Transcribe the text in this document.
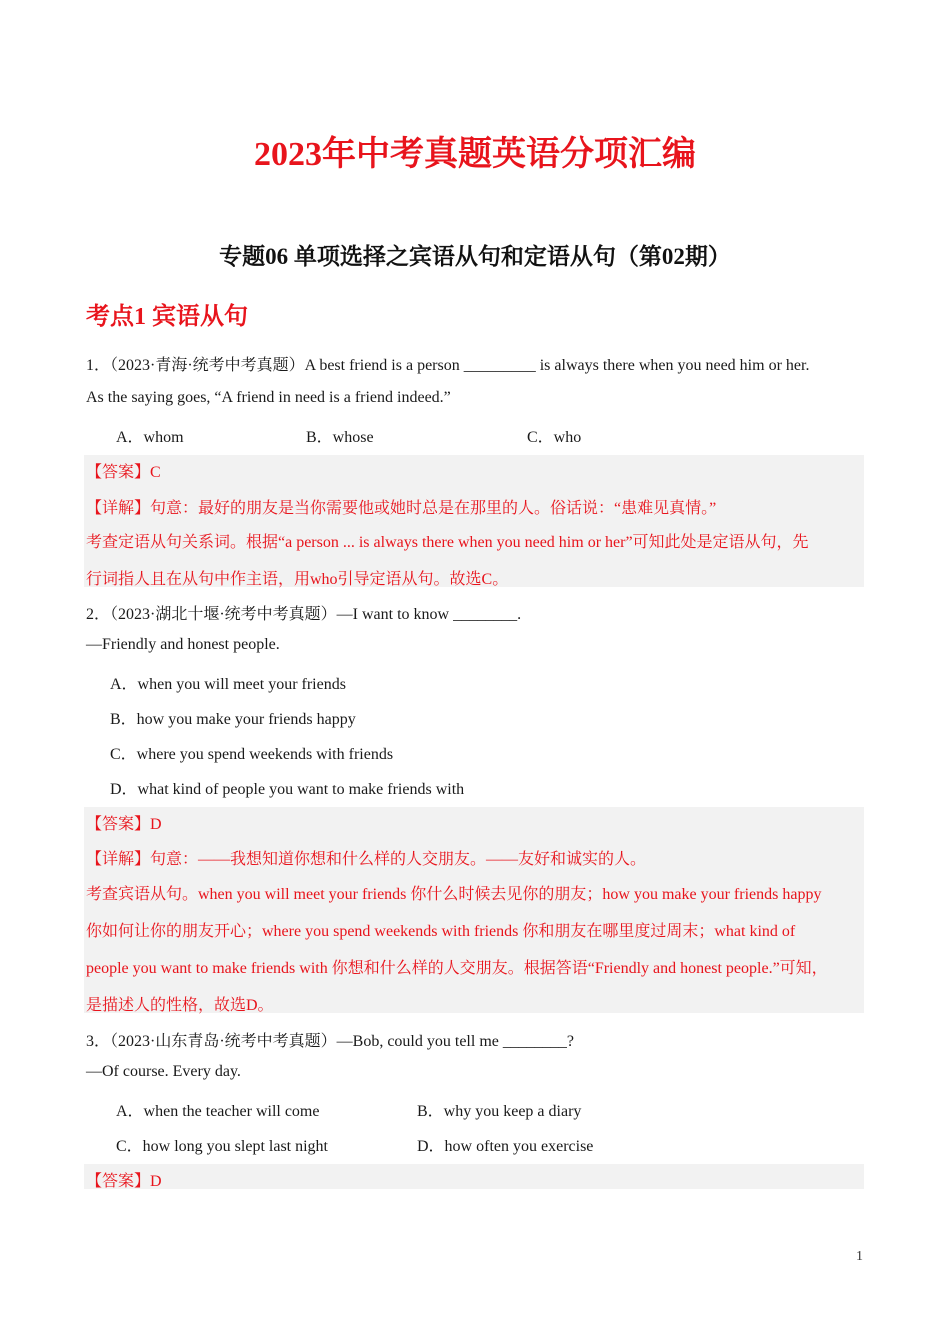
2023年中考真题英语分项汇编
专题06 单项选择之宾语从句和定语从句（第02期）
考点1 宾语从句
1．（2023·青海·统考中考真题）A best friend is a person _________ is always there when you need him or her.
As the saying goes, “A friend in need is a friend indeed.”
A．whom	B．whose	C．who
【答案】C
【详解】句意：最好的朋友是当你需要他或她时总是在那里的人。俗话说：“患难见真情。”
考查定语从句关系词。根据“a person ... is always there when you need him or her”可知此处是定语从句，先
行词指人且在从句中作主语，用who引导定语从句。故选C。
2．（2023·湖北十堰·统考中考真题）—I want to know ________.
—Friendly and honest people.
A．when you will meet your friends
B．how you make your friends happy
C．where you spend weekends with friends
D．what kind of people you want to make friends with
【答案】D
【详解】句意：——我想知道你想和什么样的人交朋友。——友好和诚实的人。
考查宾语从句。when you will meet your friends 你什么时候去见你的朋友；how you make your friends happy
你如何让你的朋友开心；where you spend weekends with friends 你和朋友在哪里度过周末；what kind of
people you want to make friends with 你想和什么样的人交朋友。根据答语“Friendly and honest people.”可知，
是描述人的性格，故选D。
3．（2023·山东青岛·统考中考真题）—Bob, could you tell me ________?
—Of course. Every day.
A．when the teacher will come	B．why you keep a diary
C．how long you slept last night	D．how often you exercise
【答案】D
1
